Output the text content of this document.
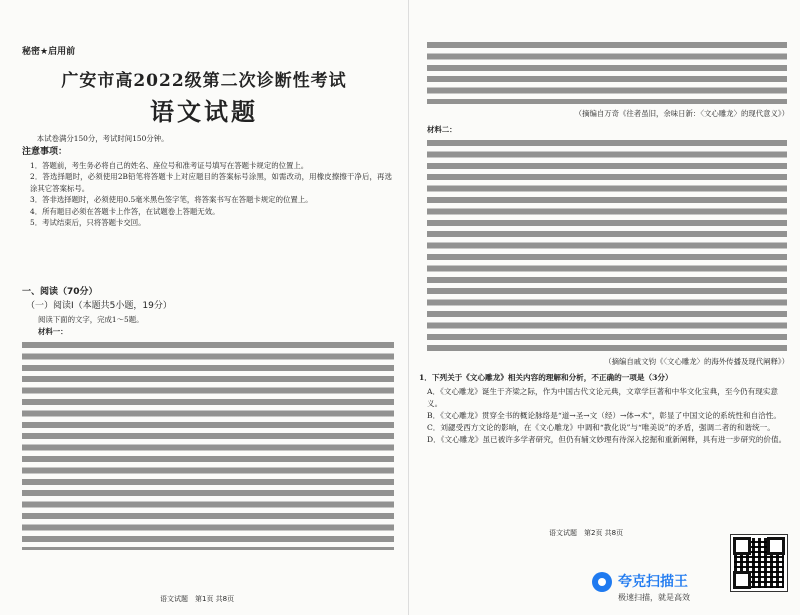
秘密★启用前
广安市高2022级第二次诊断性考试
语文试题

本试卷满分150分，考试时间150分钟。

注意事项：

1．答题前，考生务必将自己的姓名、座位号和准考证号填写在答题卡规定的位置上。

2．答选择题时，必须使用2B铅笔将答题卡上对应题目的答案标号涂黑，如需改动，用橡皮擦擦干净后，再选涂其它答案标号。

3．答非选择题时，必须使用0.5毫米黑色签字笔，将答案书写在答题卡规定的位置上。

4．所有题目必须在答题卡上作答，在试题卷上答题无效。

5．考试结束后，只将答题卡交回。

一、阅读（70分）
（一）阅读Ⅰ（本题共5小题，19分）
阅读下面的文字，完成1～5题。
材料一：
语文试题　第1页 共8页
（摘编自万奇《往者虽旧，余味日新：〈文心雕龙〉的现代意义》）
材料二：
（摘编自戚文钧《〈文心雕龙〉的海外传播及现代阐释》）
1．下列关于《文心雕龙》相关内容的理解和分析，不正确的一项是（3分）
A．《文心雕龙》诞生于齐梁之际，作为中国古代文论元典，文章学巨著和中华文化宝典，至今仍有现实意义。
B．《文心雕龙》贯穿全书的概论脉络是“道→圣→文（经）→体→术”，彰显了中国文论的系统性和自洽性。
C．刘勰受西方文论的影响，在《文心雕龙》中调和“教化说”与“唯美说”的矛盾，强调二者的和谐统一。
D．《文心雕龙》虽已被许多学者研究，但仍有辅文妙理有待深入挖掘和重新阐释，具有进一步研究的价值。
语文试题　第2页 共8页
夸克扫描王
极速扫描，就是高效
